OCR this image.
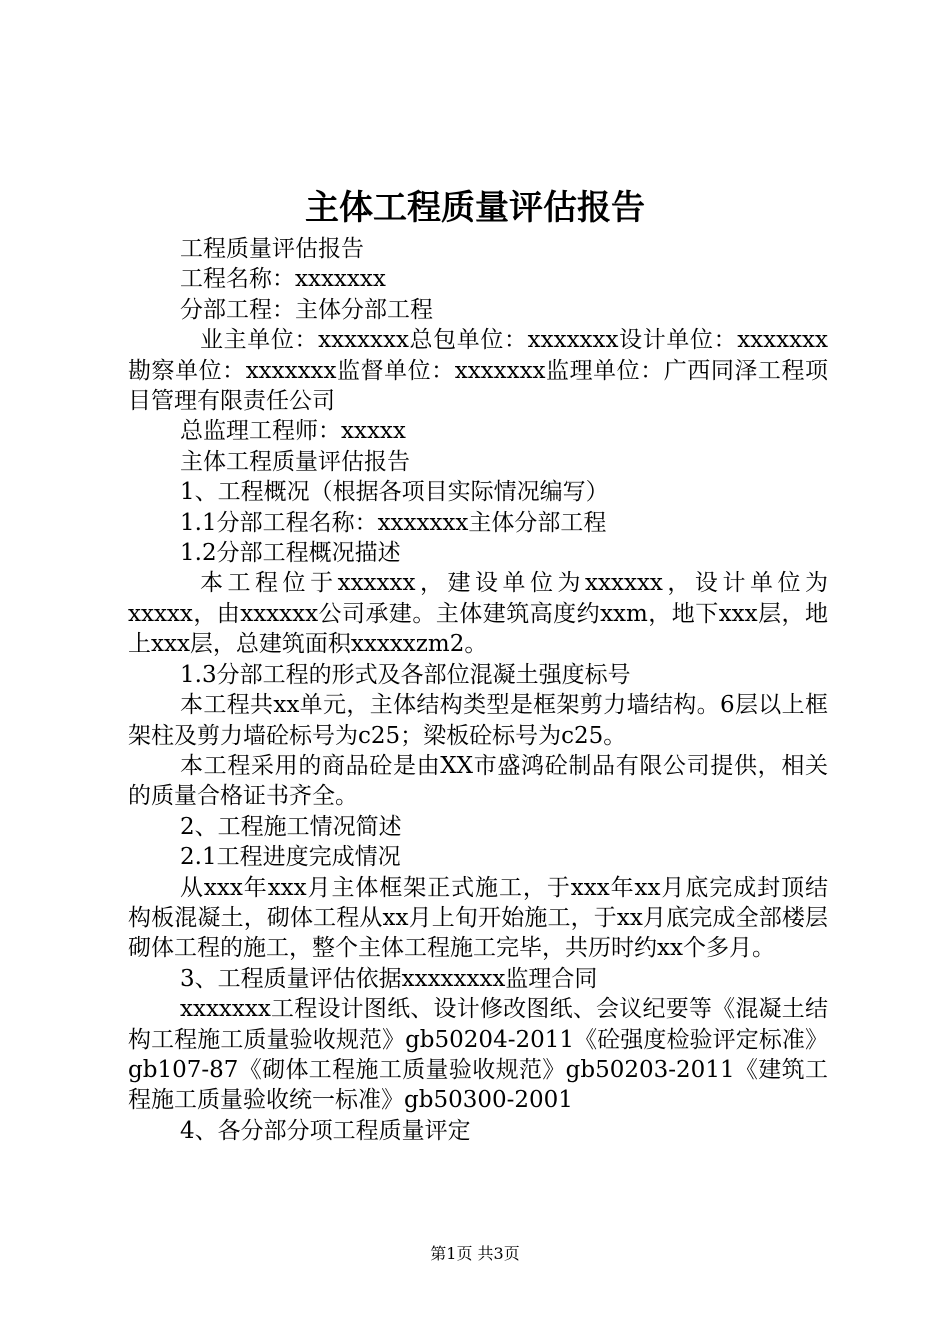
主体工程质量评估报告

工程质量评估报告

工程名称：xxxxxxx

分部工程：主体分部工程

业主单位：xxxxxxx总包单位：xxxxxxx设计单位：xxxxxxx勘察单位：xxxxxxx监督单位：xxxxxxx监理单位：广西同泽工程项目管理有限责任公司

总监理工程师：xxxxx

主体工程质量评估报告

1、工程概况（根据各项目实际情况编写）

1.1分部工程名称：xxxxxxx主体分部工程

1.2分部工程概况描述

本工程位于xxxxxx，建设单位为xxxxxx，设计单位为xxxxx，由xxxxxx公司承建。主体建筑高度约xxm，地下xxx层，地上xxx层，总建筑面积xxxxxzm2。

1.3分部工程的形式及各部位混凝土强度标号

本工程共xx单元，主体结构类型是框架剪力墙结构。6层以上框架柱及剪力墙砼标号为c25；梁板砼标号为c25。

本工程采用的商品砼是由XX市盛鸿砼制品有限公司提供，相关的质量合格证书齐全。

2、工程施工情况简述

2.1工程进度完成情况

从xxx年xxx月主体框架正式施工，于xxx年xx月底完成封顶结构板混凝土，砌体工程从xx月上旬开始施工，于xx月底完成全部楼层砌体工程的施工，整个主体工程施工完毕，共历时约xx个多月。

3、工程质量评估依据xxxxxxxx监理合同

xxxxxxx工程设计图纸、设计修改图纸、会议纪要等《混凝土结构工程施工质量验收规范》gb50204-2011《砼强度检验评定标准》gb107-87《砌体工程施工质量验收规范》gb50203-2011《建筑工程施工质量验收统一标准》gb50300-2001

4、各分部分项工程质量评定

第1页 共3页
